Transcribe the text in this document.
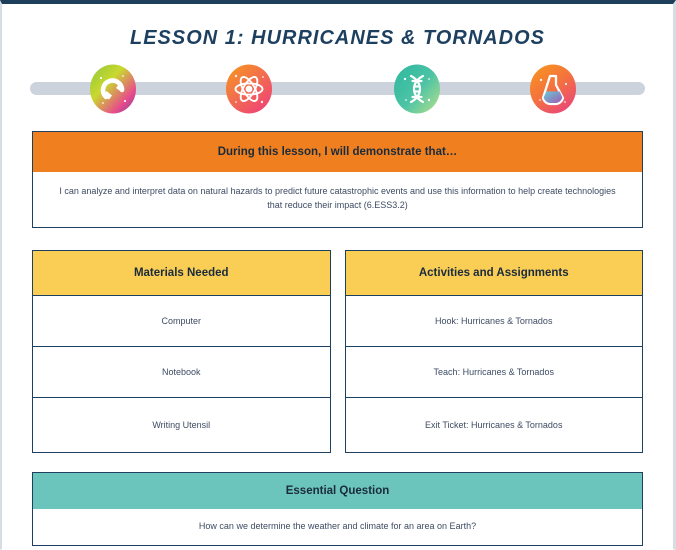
LESSON 1: HURRICANES & TORNADOS
During this lesson, I will demonstrate that…
I can analyze and interpret data on natural hazards to predict future catastrophic events and use this information to help create technologies that reduce their impact (6.ESS3.2)
Materials Needed
Computer
Notebook
Writing Utensil
Activities and Assignments
Hook: Hurricanes & Tornados
Teach: Hurricanes & Tornados
Exit Ticket: Hurricanes & Tornados
Essential Question
How can we determine the weather and climate for an area on Earth?
